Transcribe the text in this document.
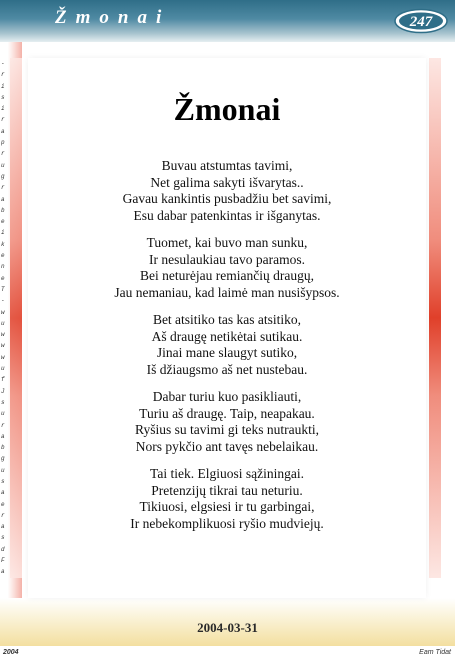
Žmonai	247
-
r
i
s
i
r
a
p
r
u
g
r
a
b
e
i
k
e
n
e
T
-
w
u
w
w
w
u
f
J
s
u
r
a
b
g
u
s
a
e
r
a
s
d
F
a
Žmonai
Buvau atstumtas tavimi,
Net galima sakyti išvarytas..
Gavau kankintis pusbadžiu bet savimi,
Esu dabar patenkintas ir išganytas.
Tuomet, kai buvo man sunku,
Ir nesulaukiau tavo paramos.
Bei neturėjau remiančių draugų,
Jau nemaniau, kad laimė man nusišypsos.
Bet atsitiko tas kas atsitiko,
Aš draugę netikėtai sutikau.
Jinai mane slaugyt sutiko,
Iš džiaugsmo aš net nustebau.
Dabar turiu kuo pasikliauti,
Turiu aš draugę. Taip, neapakau.
Ryšius su tavimi gi teks nutraukti,
Nors pykčio ant tavęs nebelaikau.
Tai tiek. Elgiuosi sąžiningai.
Pretenzijų tikrai tau neturiu.
Tikiuosi, elgsiesi ir tu garbingai,
Ir nebekomplikuosi ryšio mudviejų.
2004-03-31
2004	Eam Tidat
